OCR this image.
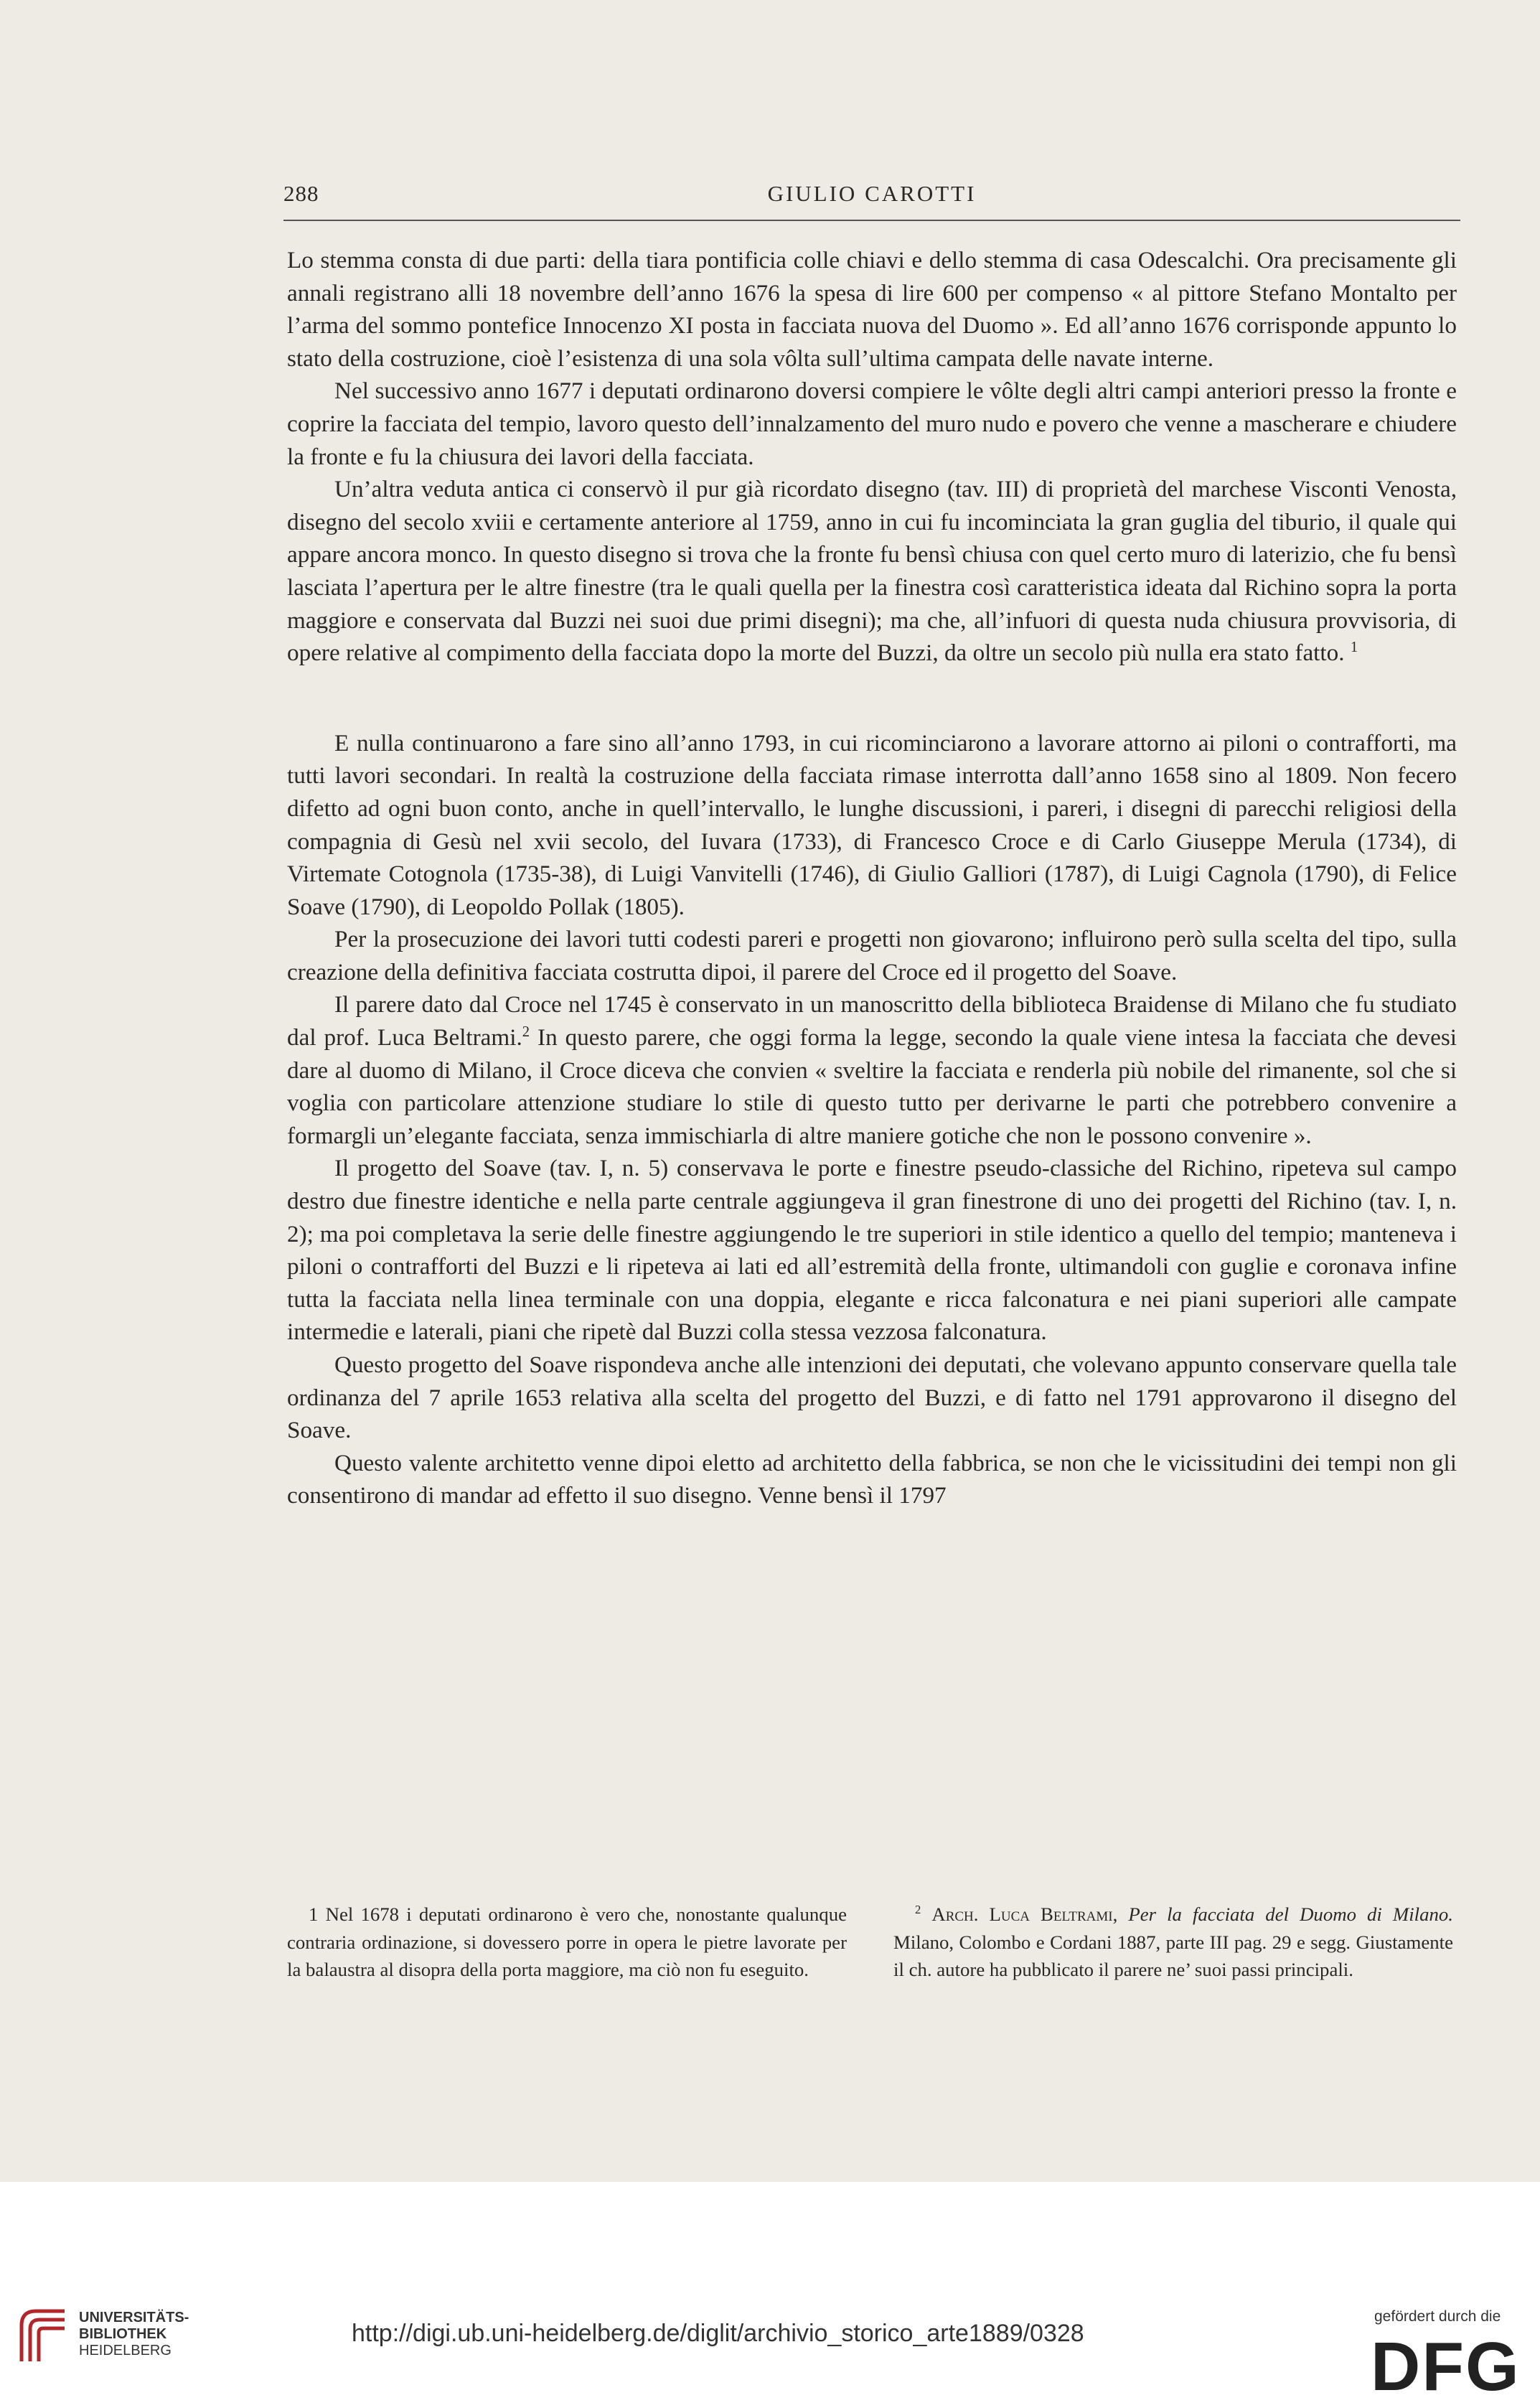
288	GIULIO CAROTTI

Lo stemma consta di due parti: della tiara pontificia colle chiavi e dello stemma di casa Odescalchi. Ora precisamente gli annali registrano alli 18 novembre dell’anno 1676 la spesa di lire 600 per compenso « al pittore Stefano Montalto per l’arma del sommo pontefice Innocenzo XI posta in facciata nuova del Duomo ». Ed all’anno 1676 corrisponde appunto lo stato della costruzione, cioè l’esistenza di una sola vôlta sull’ultima campata delle navate interne.

Nel successivo anno 1677 i deputati ordinarono doversi compiere le vôlte degli altri campi anteriori presso la fronte e coprire la facciata del tempio, lavoro questo dell’innalzamento del muro nudo e povero che venne a mascherare e chiudere la fronte e fu la chiusura dei lavori della facciata.

Un’altra veduta antica ci conservò il pur già ricordato disegno (tav. III) di proprietà del marchese Visconti Venosta, disegno del secolo xviii e certamente anteriore al 1759, anno in cui fu incominciata la gran guglia del tiburio, il quale qui appare ancora monco. In questo disegno si trova che la fronte fu bensì chiusa con quel certo muro di laterizio, che fu bensì lasciata l’apertura per le altre finestre (tra le quali quella per la finestra così caratteristica ideata dal Richino sopra la porta maggiore e conservata dal Buzzi nei suoi due primi disegni); ma che, all’infuori di questa nuda chiusura provvisoria, di opere relative al compimento della facciata dopo la morte del Buzzi, da oltre un secolo più nulla era stato fatto. $^1$

E nulla continuarono a fare sino all’anno 1793, in cui ricominciarono a lavorare attorno ai piloni o contrafforti, ma tutti lavori secondari. In realtà la costruzione della facciata rimase interrotta dall’anno 1658 sino al 1809. Non fecero difetto ad ogni buon conto, anche in quell’intervallo, le lunghe discussioni, i pareri, i disegni di parecchi religiosi della compagnia di Gesù nel xvii secolo, del Iuvara (1733), di Francesco Croce e di Carlo Giuseppe Merula (1734), di Virtemate Cotognola (1735-38), di Luigi Vanvitelli (1746), di Giulio Galliori (1787), di Luigi Cagnola (1790), di Felice Soave (1790), di Leopoldo Pollak (1805).

Per la prosecuzione dei lavori tutti codesti pareri e progetti non giovarono; influirono però sulla scelta del tipo, sulla creazione della definitiva facciata costrutta dipoi, il parere del Croce ed il progetto del Soave.

Il parere dato dal Croce nel 1745 è conservato in un manoscritto della biblioteca Braidense di Milano che fu studiato dal prof. Luca Beltrami.$^2$ In questo parere, che oggi forma la legge, secondo la quale viene intesa la facciata che devesi dare al duomo di Milano, il Croce diceva che convien « sveltire la facciata e renderla più nobile del rimanente, sol che si voglia con particolare attenzione studiare lo stile di questo tutto per derivarne le parti che potrebbero convenire a formargli un’elegante facciata, senza immischiarla di altre maniere gotiche che non le possono convenire ».

Il progetto del Soave (tav. I, n. 5) conservava le porte e finestre pseudo-classiche del Richino, ripeteva sul campo destro due finestre identiche e nella parte centrale aggiungeva il gran finestrone di uno dei progetti del Richino (tav. I, n. 2); ma poi completava la serie delle finestre aggiungendo le tre superiori in stile identico a quello del tempio; manteneva i piloni o contrafforti del Buzzi e li ripeteva ai lati ed all’estremità della fronte, ultimandoli con guglie e coronava infine tutta la facciata nella linea terminale con una doppia, elegante e ricca falconatura e nei piani superiori alle campate intermedie e laterali, piani che ripetè dal Buzzi colla stessa vezzosa falconatura.

Questo progetto del Soave rispondeva anche alle intenzioni dei deputati, che volevano appunto conservare quella tale ordinanza del 7 aprile 1653 relativa alla scelta del progetto del Buzzi, e di fatto nel 1791 approvarono il disegno del Soave.

Questo valente architetto venne dipoi eletto ad architetto della fabbrica, se non che le vicissitudini dei tempi non gli consentirono di mandar ad effetto il suo disegno. Venne bensì il 1797

1 Nel 1678 i deputati ordinarono è vero che, nonostante qualunque contraria ordinazione, si dovessero porre in opera le pietre lavorate per la balaustra al disopra della porta maggiore, ma ciò non fu eseguito.

$^2$ Arch. Luca Beltrami, Per la facciata del Duomo di Milano. Milano, Colombo e Cordani 1887, parte III pag. 29 e segg. Giustamente il ch. autore ha pubblicato il parere ne’ suoi passi principali.

UNIVERSITÄTS-
BIBLIOTHEK
HEIDELBERG
http://digi.ub.uni-heidelberg.de/diglit/archivio_storico_arte1889/0328
gefördert durch die
DFG
